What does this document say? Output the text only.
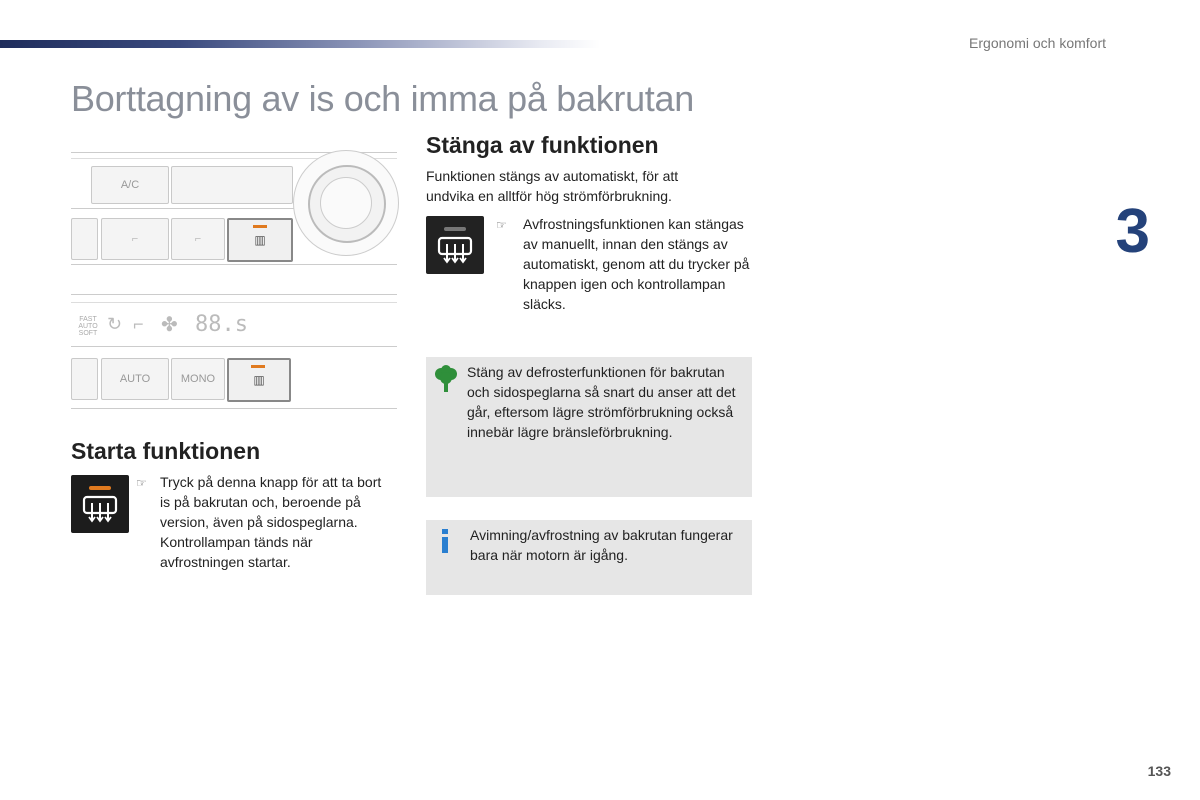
Ergonomi och komfort
Borttagning av is och imma på bakrutan
A/C
⌐	⌐	▥
FAST
AUTO
SOFT ↻ ⌐ ✤ 88.s
AUTO	MONO	▥
Starta funktionen
☞ Tryck på denna knapp för att ta bort is på bakrutan och, beroende på version, även på sidospeglarna. Kontrollampan tänds när avfrostningen startar.
Stänga av funktionen
Funktionen stängs av automatiskt, för att undvika en alltför hög strömförbrukning.
☞ Avfrostningsfunktionen kan stängas av manuellt, innan den stängs av automatiskt, genom att du trycker på knappen igen och kontrollampan släcks.
Stäng av defrosterfunktionen för bakrutan och sidospeglarna så snart du anser att det går, eftersom lägre strömförbrukning också innebär lägre bränsleförbrukning.
Avimning/avfrostning av bakrutan fungerar bara när motorn är igång.
3
133
